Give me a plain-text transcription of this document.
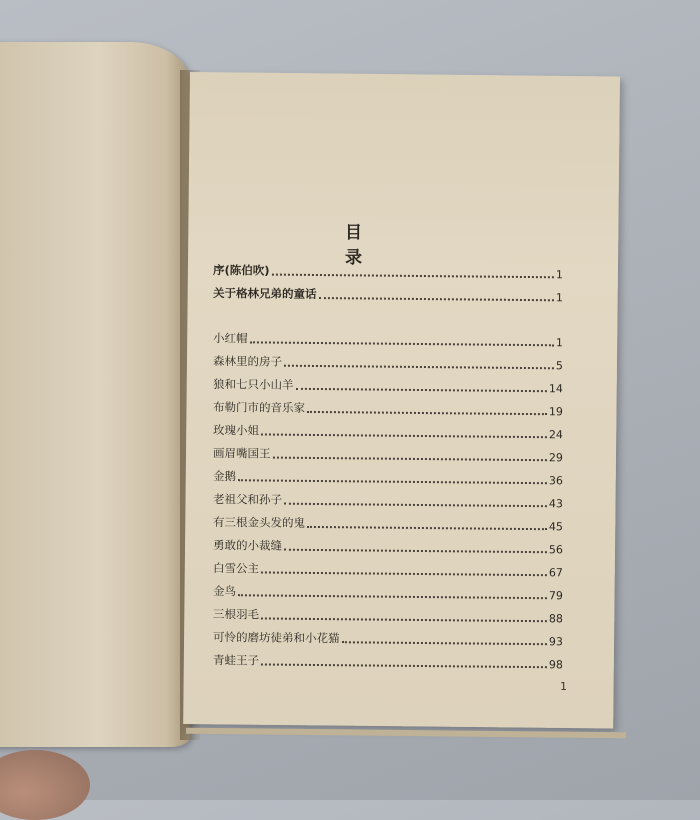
目 录
序(陈伯吹)	1
关于格林兄弟的童话	1
小红帽	1
森林里的房子	5
狼和七只小山羊	14
布勒门市的音乐家	19
玫瑰小姐	24
画眉嘴国王	29
金鹅	36
老祖父和孙子	43
有三根金头发的鬼	45
勇敢的小裁缝	56
白雪公主	67
金鸟	79
三根羽毛	88
可怜的磨坊徒弟和小花猫	93
青蛙王子	98
1
